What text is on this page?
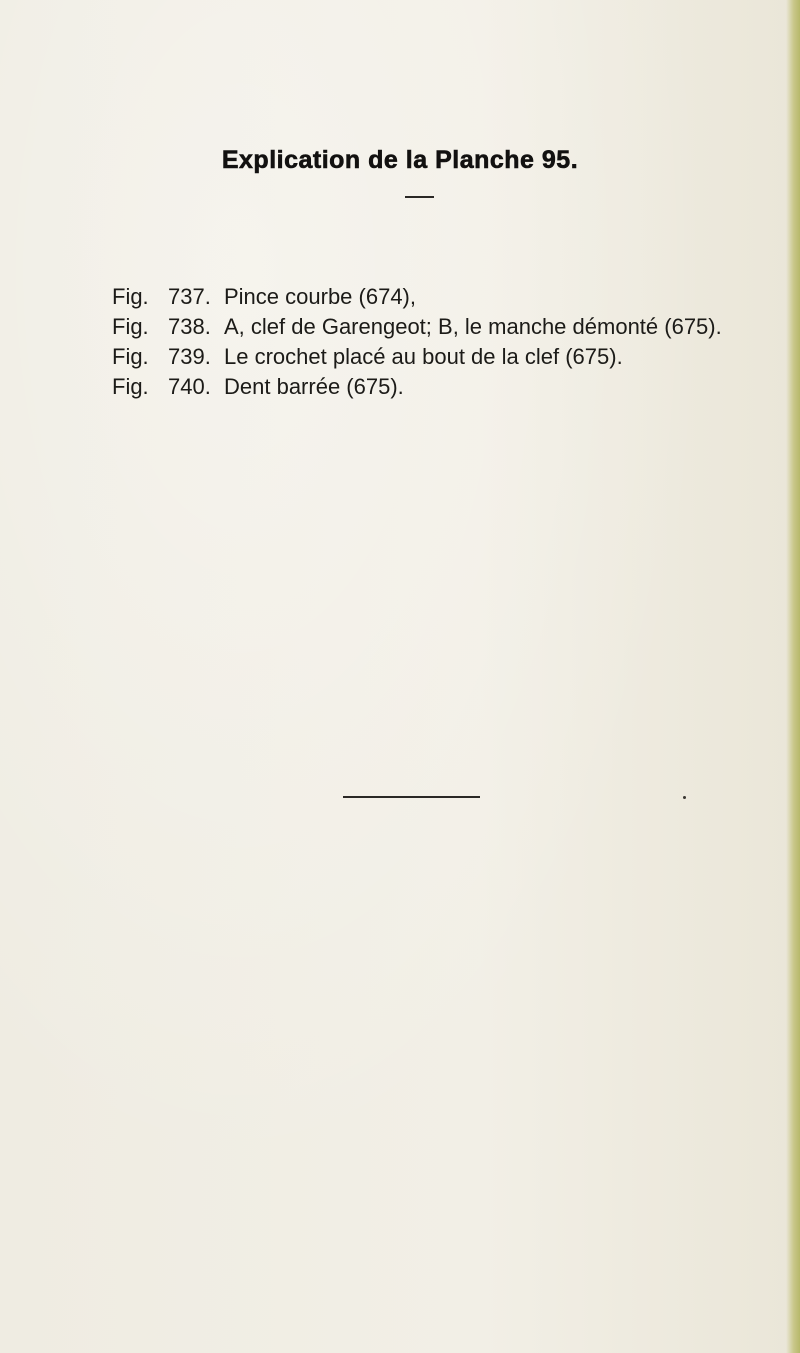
Explication de la Planche 95.
Fig. 737. Pince courbe (674),
Fig. 738. A, clef de Garengeot; B, le manche démonté (675).
Fig. 739. Le crochet placé au bout de la clef (675).
Fig. 740. Dent barrée (675).
